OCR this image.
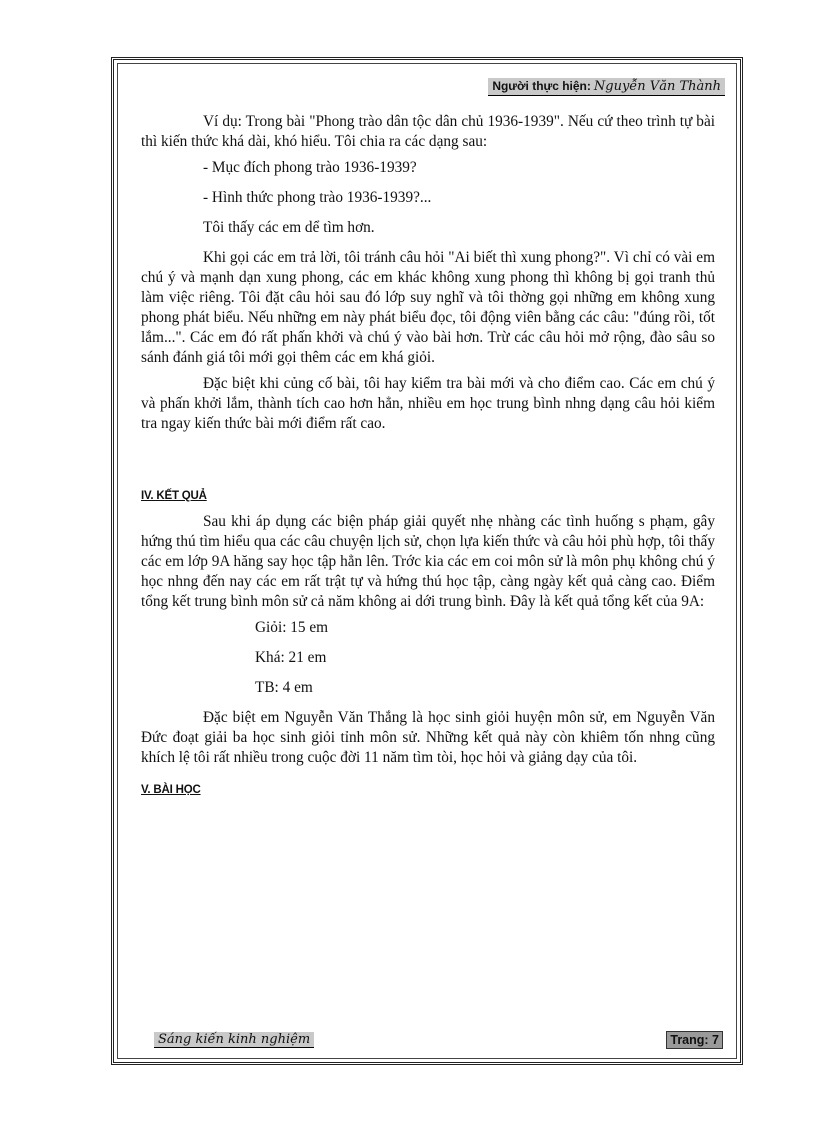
Người thực hiện: Nguyễn Văn Thành

Ví dụ: Trong bài "Phong trào dân tộc dân chủ 1936-1939". Nếu cứ theo trình tự bài thì kiến thức khá dài, khó hiểu. Tôi chia ra các dạng sau:

- Mục đích phong trào 1936-1939?

- Hình thức phong trào 1936-1939?...

Tôi thấy các em dể tìm hơn.

Khi gọi các em trả lời, tôi tránh câu hỏi "Ai biết thì xung phong?". Vì chỉ có vài em chú ý và mạnh dạn xung phong, các em khác không xung phong thì không bị gọi tranh thủ làm việc riêng. Tôi đặt câu hỏi sau đó lớp suy nghĩ và tôi thờng gọi những em không xung phong phát biểu. Nếu những em này phát biểu đọc, tôi động viên bằng các câu: "đúng rồi, tốt lắm...". Các em đó rất phấn khởi và chú ý vào bài hơn. Trừ các câu hỏi mở rộng, đào sâu so sánh đánh giá tôi mới gọi thêm các em khá giỏi.

Đặc biệt khi củng cố bài, tôi hay kiểm tra bài mới và cho điểm cao. Các em chú ý và phấn khởi lắm, thành tích cao hơn hẳn, nhiều em học trung bình nhng dạng câu hỏi kiểm tra ngay kiến thức bài mới điểm rất cao.

IV. KẾT QUẢ

Sau khi áp dụng các biện pháp giải quyết nhẹ nhàng các tình huống s phạm, gây hứng thú tìm hiểu qua các câu chuyện lịch sử, chọn lựa kiến thức và câu hỏi phù hợp, tôi thấy các em lớp 9A hăng say học tập hẳn lên. Trớc kia các em coi môn sử là môn phụ không chú ý học nhng đến nay các em rất trật tự và hứng thú học tập, càng ngày kết quả càng cao. Điểm tổng kết trung bình môn sử cả năm không ai dới trung bình. Đây là kết quả tổng kết của 9A:

Giỏi: 15 em

Khá: 21 em

TB: 4 em

Đặc biệt em Nguyễn Văn Thắng là học sinh giỏi huyện môn sử, em Nguyễn Văn Đức đoạt giải ba học sinh giỏi tỉnh môn sử. Những kết quả này còn khiêm tốn nhng cũng khích lệ tôi rất nhiều trong cuộc đời 11 năm tìm tòi, học hỏi và giảng dạy của tôi.

V. BÀI HỌC

Sáng kiến kinh nghiệm	Trang: 7
